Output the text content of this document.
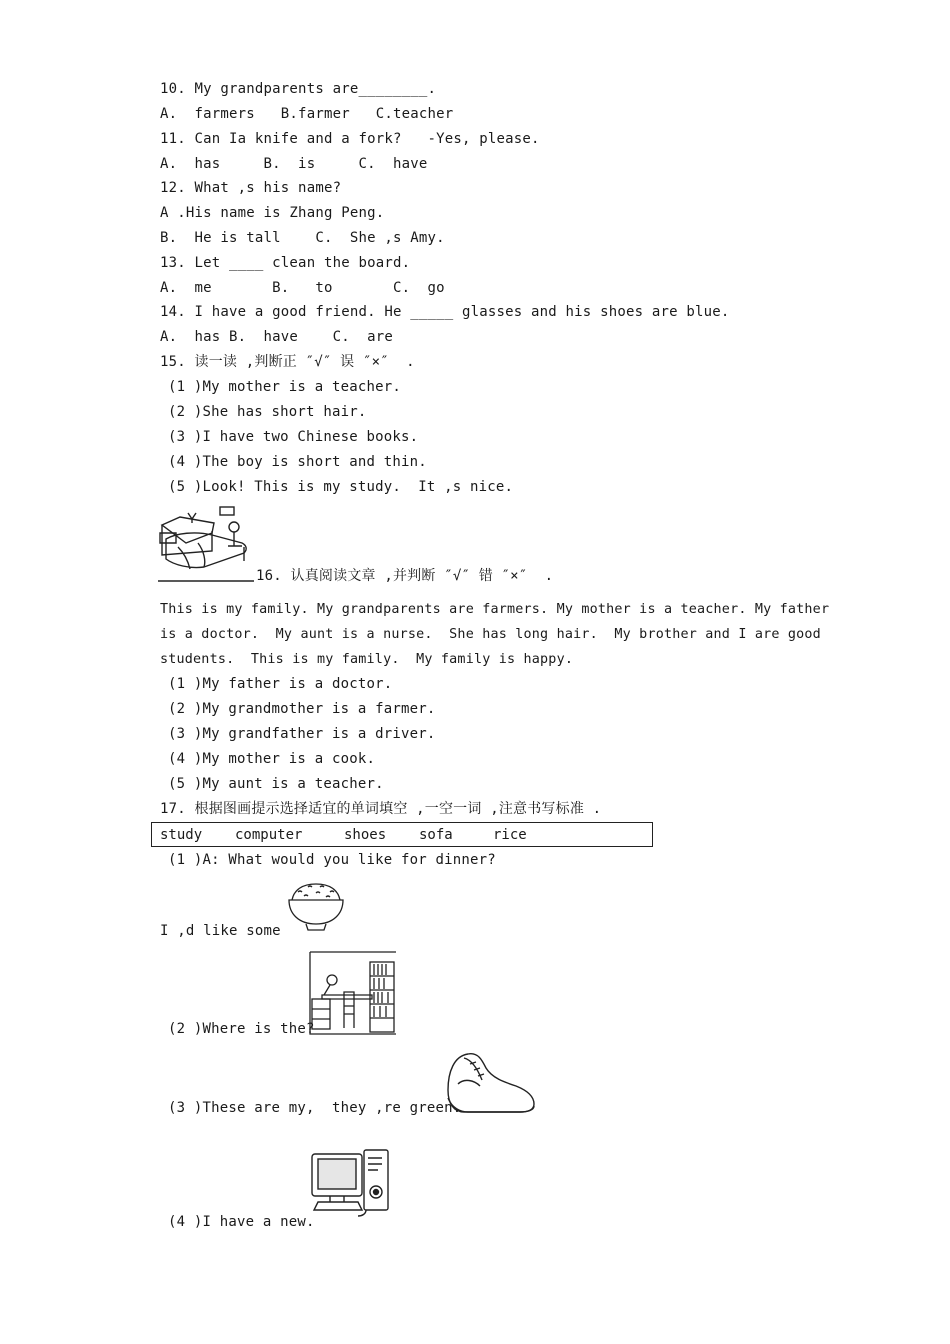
10. My grandparents are________.
A.  farmers   B.farmer   C.teacher
11. Can Ia knife and a fork?   -Yes, please.
A.  has     B.  is     C.  have
12. What ,s his name?
A .His name is Zhang Peng.
B.  He is tall    C.  She ,s Amy.
13. Let ____ clean the board.
A.  me       B.   to       C.  go
14. I have a good friend. He _____ glasses and his shoes are blue.
A.  has B.  have    C.  are
15. 读一读 ,判断正 ″√″ 误 ″×″  .
(1 )My mother is a teacher.
(2 )She has short hair.
(3 )I have two Chinese books.
(4 )The boy is short and thin.
(5 )Look! This is my study.  It ,s nice.
16. 认真阅读文章 ,并判断 ″√″ 错 ″×″  .
This is my family. My grandparents are farmers. My mother is a teacher. My father
is a doctor.  My aunt is a nurse.  She has long hair.  My brother and I are good
students.  This is my family.  My family is happy.
(1 )My father is a doctor.
(2 )My grandmother is a farmer.
(3 )My grandfather is a driver.
(4 )My mother is a cook.
(5 )My aunt is a teacher.
17. 根据图画提示选择适宜的单词填空 ,一空一词 ,注意书写标准 .
study computer	shoes sofa	rice
(1 )A: What would you like for dinner?
I ,d like some
(2 )Where is the?
(3 )These are my,  they ,re green.
(4 )I have a new.
